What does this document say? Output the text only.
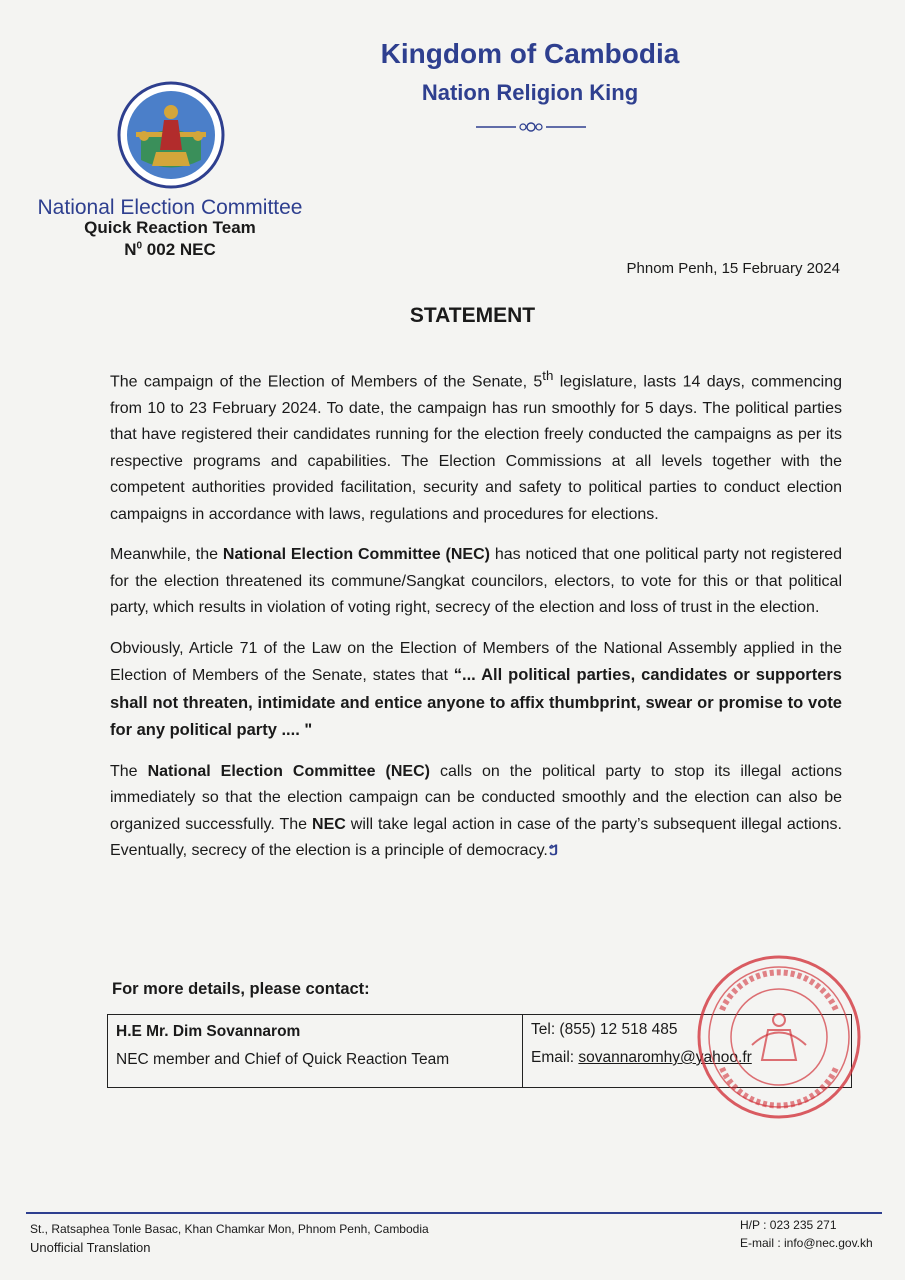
National Election Committee
Quick Reaction Team
$N^0$ 002 NEC
Kingdom of Cambodia
Nation Religion King
Phnom Penh, 15 February 2024
STATEMENT

The campaign of the Election of Members of the Senate, 5th legislature, lasts 14 days, commencing from 10 to 23 February 2024. To date, the campaign has run smoothly for 5 days. The political parties that have registered their candidates running for the election freely conducted the campaigns as per its respective programs and capabilities. The Election Commissions at all levels together with the competent authorities provided facilitation, security and safety to political parties to conduct election campaigns in accordance with laws, regulations and procedures for elections.

Meanwhile, the National Election Committee (NEC) has noticed that one political party not registered for the election threatened its commune/Sangkat councilors, electors, to vote for this or that political party, which results in violation of voting right, secrecy of the election and loss of trust in the election.

Obviously, Article 71 of the Law on the Election of Members of the National Assembly applied in the Election of Members of the Senate, states that “... All political parties, candidates or supporters shall not threaten, intimidate and entice anyone to affix thumbprint, swear or promise to vote for any political party .... "

The National Election Committee (NEC) calls on the political party to stop its illegal actions immediately so that the election campaign can be conducted smoothly and the election can also be organized successfully. The NEC will take legal action in case of the party’s subsequent illegal actions. Eventually, secrecy of the election is a principle of democracy.ៗ

For more details, please contact:
H.E Mr. Dim Sovannarom
NEC member and Chief of Quick Reaction Team

Tel: (855) 12 518 485
Email: sovannaromhy@yahoo.fr
St., Ratsaphea Tonle Basac, Khan Chamkar Mon, Phnom Penh, Cambodia
Unofficial Translation
H/P : 023 235 271
E-mail : info@nec.gov.kh
